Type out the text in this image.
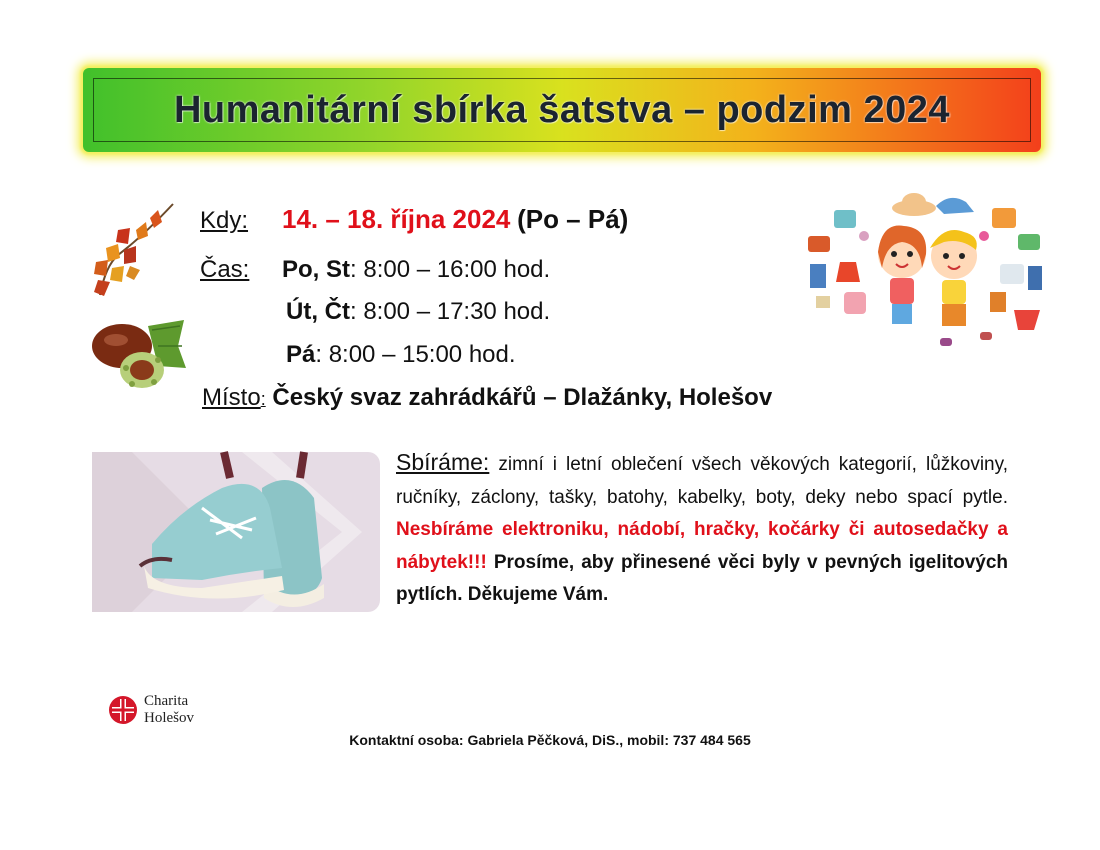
Humanitární sbírka šatstva – podzim 2024
Kdy: 14. – 18. října 2024 (Po – Pá)
Čas: Po, St: 8:00 – 16:00 hod.
Út, Čt: 8:00 – 17:30 hod.
Pá: 8:00 – 15:00 hod.
Místo: Český svaz zahrádkářů – Dlažánky, Holešov
Sbíráme: zimní i letní oblečení všech věkových kategorií, lůžkoviny, ručníky, záclony, tašky, batohy, kabelky, boty, deky nebo spací pytle. Nesbíráme elektroniku, nádobí, hračky, kočárky či autosedačky a nábytek!!! Prosíme, aby přinesené věci byly v pevných igelitových pytlích. Děkujeme Vám.
Charita
Holešov
Kontaktní osoba: Gabriela Pěčková, DiS., mobil: 737 484 565
